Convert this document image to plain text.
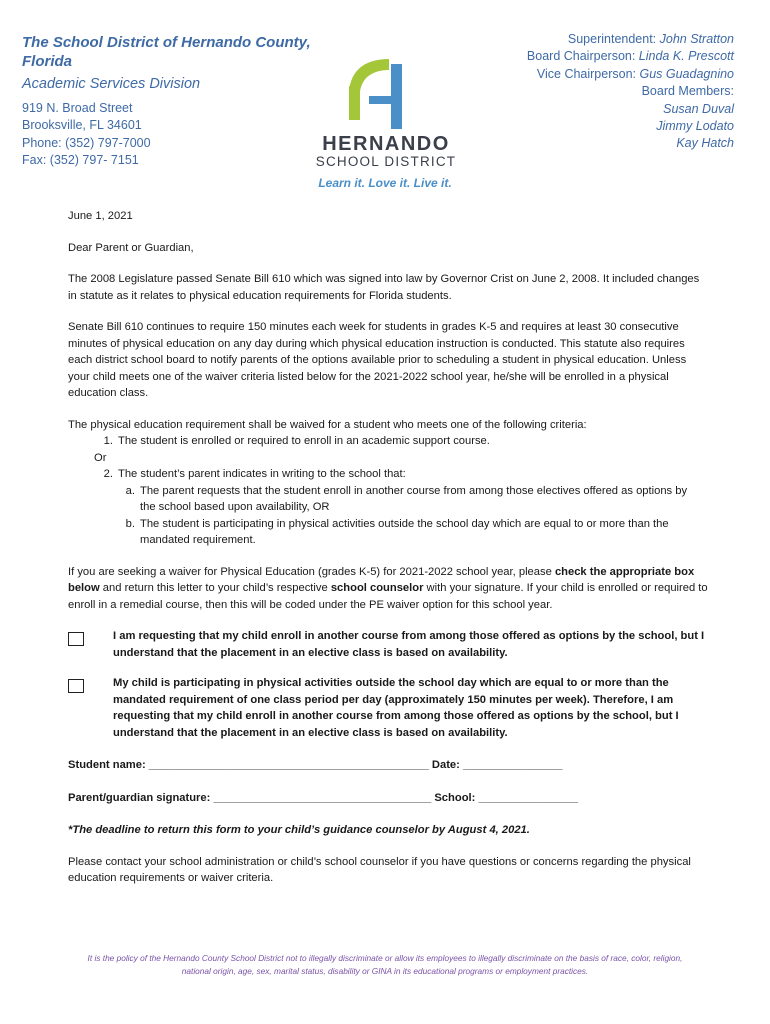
The School District of Hernando County, Florida
Academic Services Division
919 N. Broad Street
Brooksville, FL 34601
Phone: (352) 797-7000
Fax: (352) 797- 7151
HERNANDO
SCHOOL DISTRICT
Learn it. Love it. Live it.
Superintendent: John Stratton
Board Chairperson: Linda K. Prescott
Vice Chairperson: Gus Guadagnino
Board Members:
Susan Duval
Jimmy Lodato
Kay Hatch

June 1, 2021

Dear Parent or Guardian,

The 2008 Legislature passed Senate Bill 610 which was signed into law by Governor Crist on June 2, 2008. It included changes in statute as it relates to physical education requirements for Florida students.

Senate Bill 610 continues to require 150 minutes each week for students in grades K-5 and requires at least 30 consecutive minutes of physical education on any day during which physical education instruction is conducted. This statute also requires each district school board to notify parents of the options available prior to scheduling a student in physical education. Unless your child meets one of the waiver criteria listed below for the 2021-2022 school year, he/she will be enrolled in a physical education class.

The physical education requirement shall be waived for a student who meets one of the following criteria:

1. The student is enrolled or required to enroll in an academic support course.
Or
2. The student’s parent indicates in writing to the school that:
a. The parent requests that the student enroll in another course from among those electives offered as options by the school based upon availability, OR
b. The student is participating in physical activities outside the school day which are equal to or more than the mandated requirement.

If you are seeking a waiver for Physical Education (grades K-5) for 2021-2022 school year, please check the appropriate box below and return this letter to your child’s respective school counselor with your signature. If your child is enrolled or required to enroll in a remedial course, then this will be coded under the PE waiver option for this school year.

I am requesting that my child enroll in another course from among those offered as options by the school, but I understand that the placement in an elective class is based on availability.
My child is participating in physical activities outside the school day which are equal to or more than the mandated requirement of one class period per day (approximately 150 minutes per week). Therefore, I am requesting that my child enroll in another course from among those offered as options by the school, but I understand that the placement in an elective class is based on availability.

Student name: _____________________________________________ Date: ________________

Parent/guardian signature: ___________________________________ School: ________________

*The deadline to return this form to your child’s guidance counselor by August 4, 2021.

Please contact your school administration or child’s school counselor if you have questions or concerns regarding the physical education requirements or waiver criteria.

It is the policy of the Hernando County School District not to illegally discriminate or allow its employees to illegally discriminate on the basis of race, color, religion, national origin, age, sex, marital status, disability or GINA in its educational programs or employment practices.
